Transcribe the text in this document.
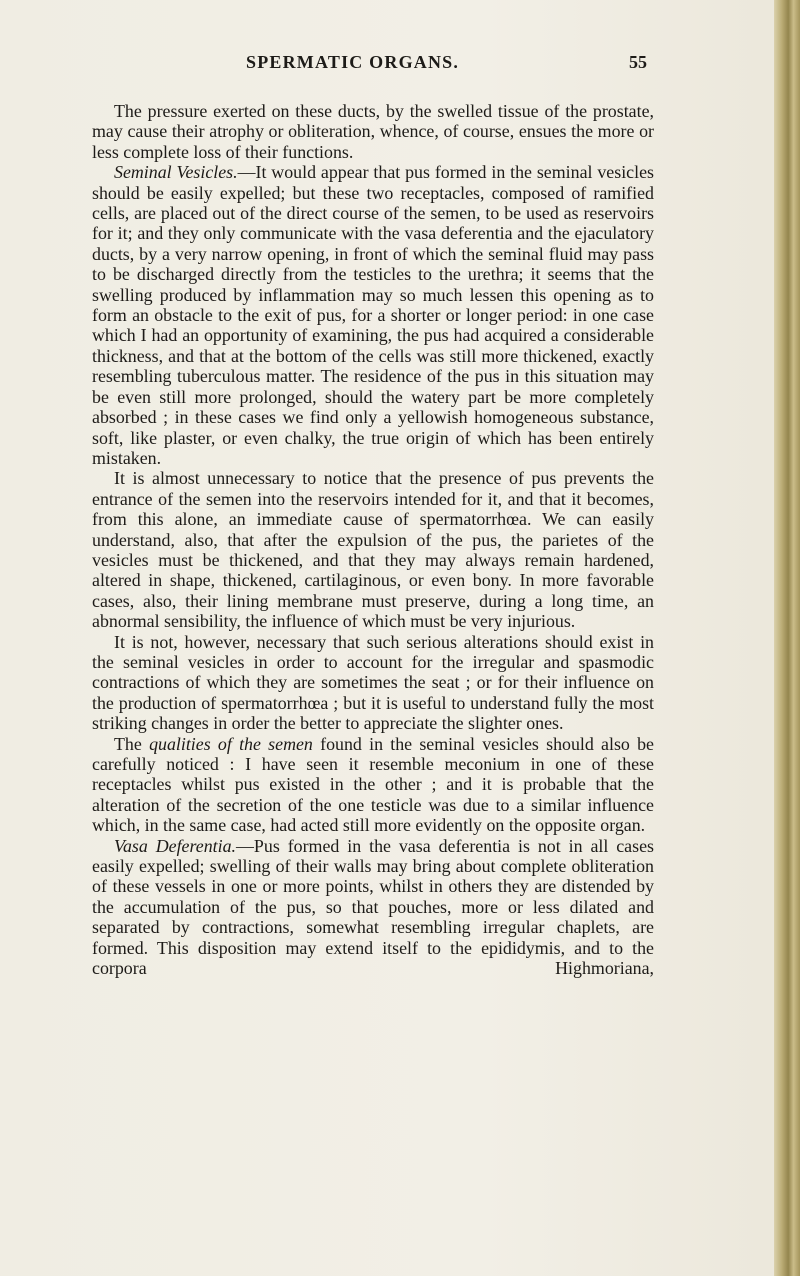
SPERMATIC ORGANS.	55

The pressure exerted on these ducts, by the swelled tissue of the prostate, may cause their atrophy or obliteration, whence, of course, ensues the more or less complete loss of their functions.

Seminal Vesicles.—It would appear that pus formed in the seminal vesicles should be easily expelled; but these two receptacles, composed of ramified cells, are placed out of the direct course of the semen, to be used as reservoirs for it; and they only communicate with the vasa deferentia and the ejaculatory ducts, by a very narrow opening, in front of which the seminal fluid may pass to be discharged directly from the testicles to the urethra; it seems that the swelling produced by inflammation may so much lessen this opening as to form an obstacle to the exit of pus, for a shorter or longer period: in one case which I had an opportunity of examining, the pus had acquired a considerable thickness, and that at the bottom of the cells was still more thickened, exactly resembling tuberculous matter. The residence of the pus in this situation may be even still more prolonged, should the watery part be more completely absorbed ; in these cases we find only a yellowish homogeneous substance, soft, like plaster, or even chalky, the true origin of which has been entirely mistaken.

It is almost unnecessary to notice that the presence of pus prevents the entrance of the semen into the reservoirs intended for it, and that it becomes, from this alone, an immediate cause of spermatorrhœa. We can easily understand, also, that after the expulsion of the pus, the parietes of the vesicles must be thickened, and that they may always remain hardened, altered in shape, thickened, cartilaginous, or even bony. In more favorable cases, also, their lining membrane must preserve, during a long time, an abnormal sensibility, the influence of which must be very injurious.

It is not, however, necessary that such serious alterations should exist in the seminal vesicles in order to account for the irregular and spasmodic contractions of which they are sometimes the seat ; or for their influence on the production of spermatorrhœa ; but it is useful to understand fully the most striking changes in order the better to appreciate the slighter ones.

The qualities of the semen found in the seminal vesicles should also be carefully noticed : I have seen it resemble meconium in one of these receptacles whilst pus existed in the other ; and it is probable that the alteration of the secretion of the one testicle was due to a similar influence which, in the same case, had acted still more evidently on the opposite organ.

Vasa Deferentia.—Pus formed in the vasa deferentia is not in all cases easily expelled; swelling of their walls may bring about complete obliteration of these vessels in one or more points, whilst in others they are distended by the accumulation of the pus, so that pouches, more or less dilated and separated by contractions, somewhat resembling irregular chaplets, are formed. This disposition may extend itself to the epididymis, and to the corpora Highmoriana,
